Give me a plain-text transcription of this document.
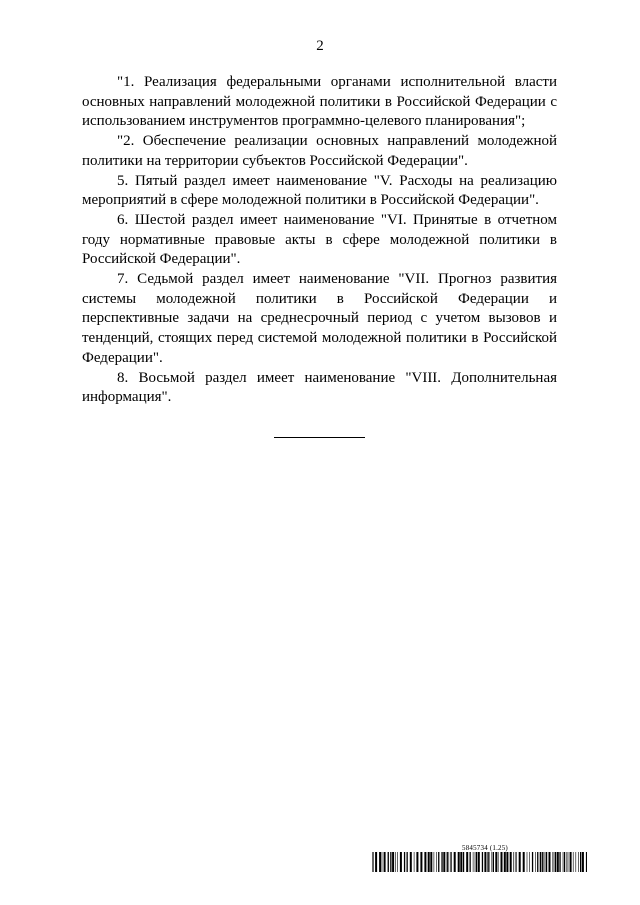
2

"1. Реализация федеральными органами исполнительной власти основных направлений молодежной политики в Российской Федерации с использованием инструментов программно-целевого планирования";

"2. Обеспечение реализации основных направлений молодежной политики на территории субъектов Российской Федерации".

5. Пятый раздел имеет наименование "V. Расходы на реализацию мероприятий в сфере молодежной политики в Российской Федерации".

6. Шестой раздел имеет наименование "VI. Принятые в отчетном году нормативные правовые акты в сфере молодежной политики в Российской Федерации".

7. Седьмой раздел имеет наименование "VII. Прогноз развития системы молодежной политики в Российской Федерации и перспективные задачи на среднесрочный период с учетом вызовов и тенденций, стоящих перед системой молодежной политики в Российской Федерации".

8. Восьмой раздел имеет наименование "VIII. Дополнительная информация".

5845734 (1.25)
